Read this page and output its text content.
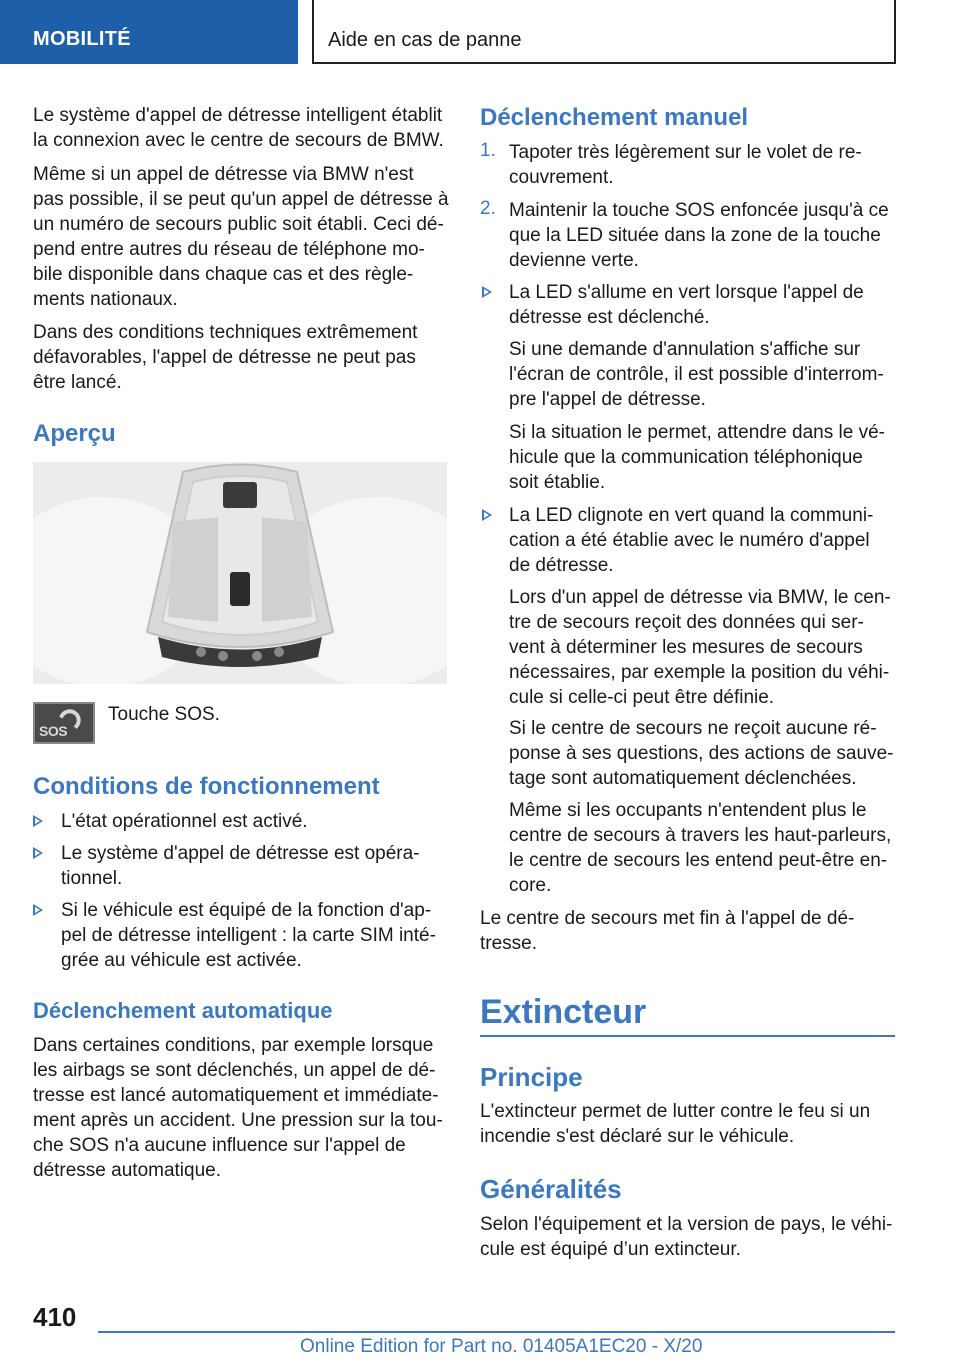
MOBILITÉ	Aide en cas de panne
Le système d'appel de détresse intelligent établit
la connexion avec le centre de secours de BMW.
Même si un appel de détresse via BMW n'est
pas possible, il se peut qu'un appel de détresse à
un numéro de secours public soit établi. Ceci dé‐
pend entre autres du réseau de téléphone mo‐
bile disponible dans chaque cas et des règle‐
ments nationaux.
Dans des conditions techniques extrêmement
défavorables, l'appel de détresse ne peut pas
être lancé.
Aperçu
SOS
Touche SOS.
Conditions de fonctionnement
L'état opérationnel est activé.
Le système d'appel de détresse est opéra‐
tionnel.
Si le véhicule est équipé de la fonction d'ap‐
pel de détresse intelligent : la carte SIM inté‐
grée au véhicule est activée.
Déclenchement automatique
Dans certaines conditions, par exemple lorsque
les airbags se sont déclenchés, un appel de dé‐
tresse est lancé automatiquement et immédiate‐
ment après un accident. Une pression sur la tou‐
che SOS n'a aucune influence sur l'appel de
détresse automatique.
Déclenchement manuel
1. Tapoter très légèrement sur le volet de re‐
couvrement.
2. Maintenir la touche SOS enfoncée jusqu'à ce
que la LED située dans la zone de la touche
devienne verte.
La LED s'allume en vert lorsque l'appel de
détresse est déclenché.
Si une demande d'annulation s'affiche sur
l'écran de contrôle, il est possible d'interrom‐
pre l'appel de détresse.
Si la situation le permet, attendre dans le vé‐
hicule que la communication téléphonique
soit établie.
La LED clignote en vert quand la communi‐
cation a été établie avec le numéro d'appel
de détresse.
Lors d'un appel de détresse via BMW, le cen‐
tre de secours reçoit des données qui ser‐
vent à déterminer les mesures de secours
nécessaires, par exemple la position du véhi‐
cule si celle-ci peut être définie.
Si le centre de secours ne reçoit aucune ré‐
ponse à ses questions, des actions de sauve‐
tage sont automatiquement déclenchées.
Même si les occupants n'entendent plus le
centre de secours à travers les haut-parleurs,
le centre de secours les entend peut-être en‐
core.
Le centre de secours met fin à l'appel de dé‐
tresse.
Extincteur
Principe
L'extincteur permet de lutter contre le feu si un
incendie s'est déclaré sur le véhicule.
Généralités
Selon l'équipement et la version de pays, le véhi‐
cule est équipé d’un extincteur.
410
Online Edition for Part no. 01405A1EC20 - X/20
